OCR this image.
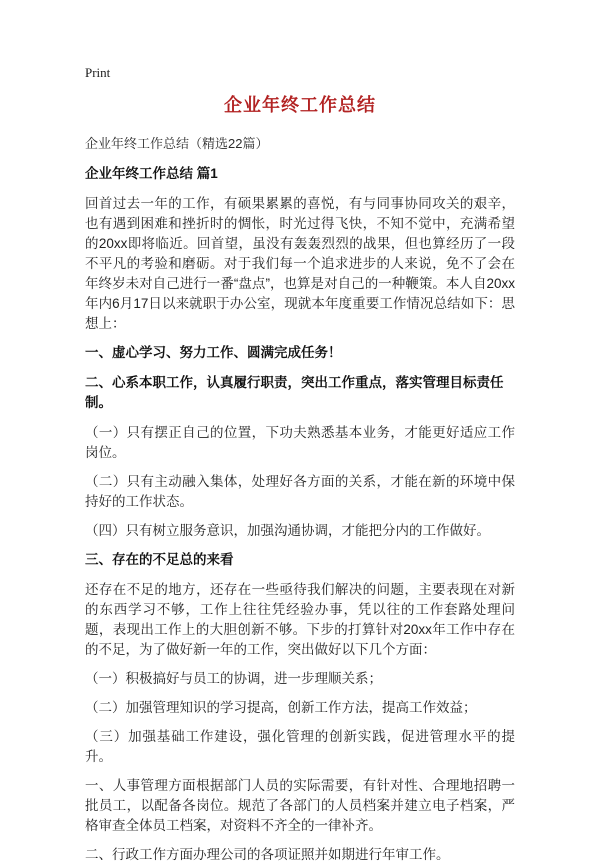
Print
企业年终工作总结

企业年终工作总结（精选22篇）

企业年终工作总结 篇1

回首过去一年的工作，有硕果累累的喜悦，有与同事协同攻关的艰辛，也有遇到困难和挫折时的惆怅，时光过得飞快，不知不觉中，充满希望的20xx即将临近。回首望，虽没有轰轰烈烈的战果，但也算经历了一段不平凡的考验和磨砺。对于我们每一个追求进步的人来说，免不了会在年终岁未对自己进行一番“盘点”，也算是对自己的一种鞭策。本人自20xx年内6月17日以来就职于办公室，现就本年度重要工作情况总结如下：思想上：

一、虚心学习、努力工作、圆满完成任务！
二、心系本职工作，认真履行职责，突出工作重点，落实管理目标责任制。

（一）只有摆正自己的位置，下功夫熟悉基本业务，才能更好适应工作岗位。

（二）只有主动融入集体，处理好各方面的关系，才能在新的环境中保持好的工作状态。

（四）只有树立服务意识，加强沟通协调，才能把分内的工作做好。

三、存在的不足总的来看

还存在不足的地方，还存在一些亟待我们解决的问题，主要表现在对新的东西学习不够，工作上往往凭经验办事，凭以往的工作套路处理问题，表现出工作上的大胆创新不够。下步的打算针对20xx年工作中存在的不足，为了做好新一年的工作，突出做好以下几个方面：

（一）积极搞好与员工的协调，进一步理顺关系；

（二）加强管理知识的学习提高，创新工作方法，提高工作效益；

（三）加强基础工作建设，强化管理的创新实践，促进管理水平的提升。

一、人事管理方面根据部门人员的实际需要，有针对性、合理地招聘一批员工，以配备各岗位。规范了各部门的人员档案并建立电子档案，严格审查全体员工档案，对资料不齐全的一律补齐。

二、行政工作方面办理公司的各项证照并如期进行年审工作。
